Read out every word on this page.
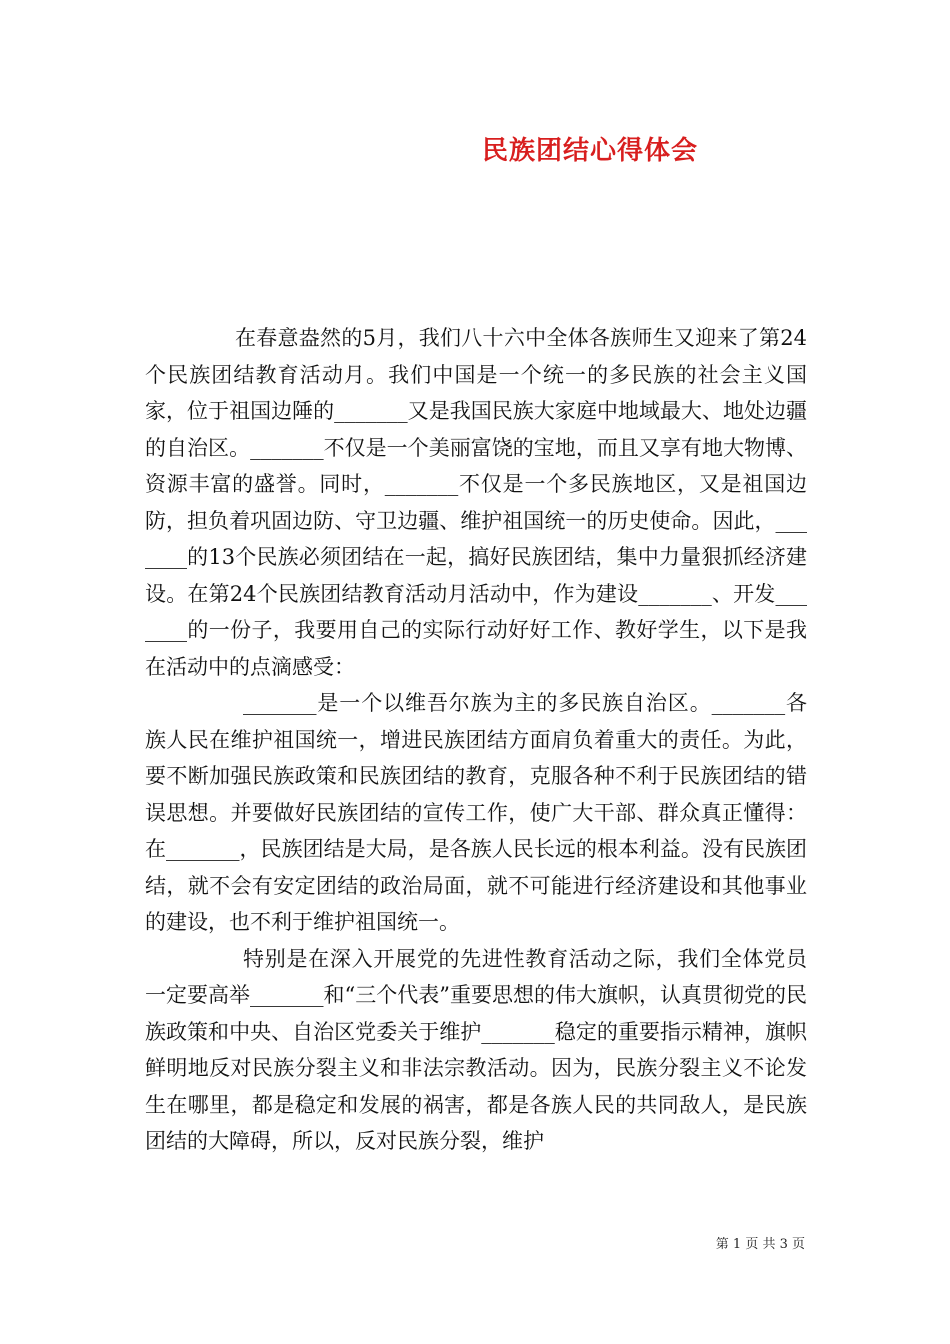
民族团结心得体会

在春意盎然的5月，我们八十六中全体各族师生又迎来了第24个民族团结教育活动月。我们中国是一个统一的多民族的社会主义国家，位于祖国边陲的_______又是我国民族大家庭中地域最大、地处边疆的自治区。_______不仅是一个美丽富饶的宝地，而且又享有地大物博、资源丰富的盛誉。同时，_______不仅是一个多民族地区，又是祖国边防，担负着巩固边防、守卫边疆、维护祖国统一的历史使命。因此，_______的13个民族必须团结在一起，搞好民族团结，集中力量狠抓经济建设。在第24个民族团结教育活动月活动中，作为建设_______、开发_______的一份子，我要用自己的实际行动好好工作、教好学生，以下是我在活动中的点滴感受：

_______是一个以维吾尔族为主的多民族自治区。_______各族人民在维护祖国统一，增进民族团结方面肩负着重大的责任。为此，要不断加强民族政策和民族团结的教育，克服各种不利于民族团结的错误思想。并要做好民族团结的宣传工作，使广大干部、群众真正懂得：在_______，民族团结是大局，是各族人民长远的根本利益。没有民族团结，就不会有安定团结的政治局面，就不可能进行经济建设和其他事业的建设，也不利于维护祖国统一。

特别是在深入开展党的先进性教育活动之际，我们全体党员一定要高举_______和“三个代表”重要思想的伟大旗帜，认真贯彻党的民族政策和中央、自治区党委关于维护_______稳定的重要指示精神，旗帜鲜明地反对民族分裂主义和非法宗教活动。因为，民族分裂主义不论发生在哪里，都是稳定和发展的祸害，都是各族人民的共同敌人，是民族团结的大障碍，所以，反对民族分裂，维护

第 1 页 共 3 页
